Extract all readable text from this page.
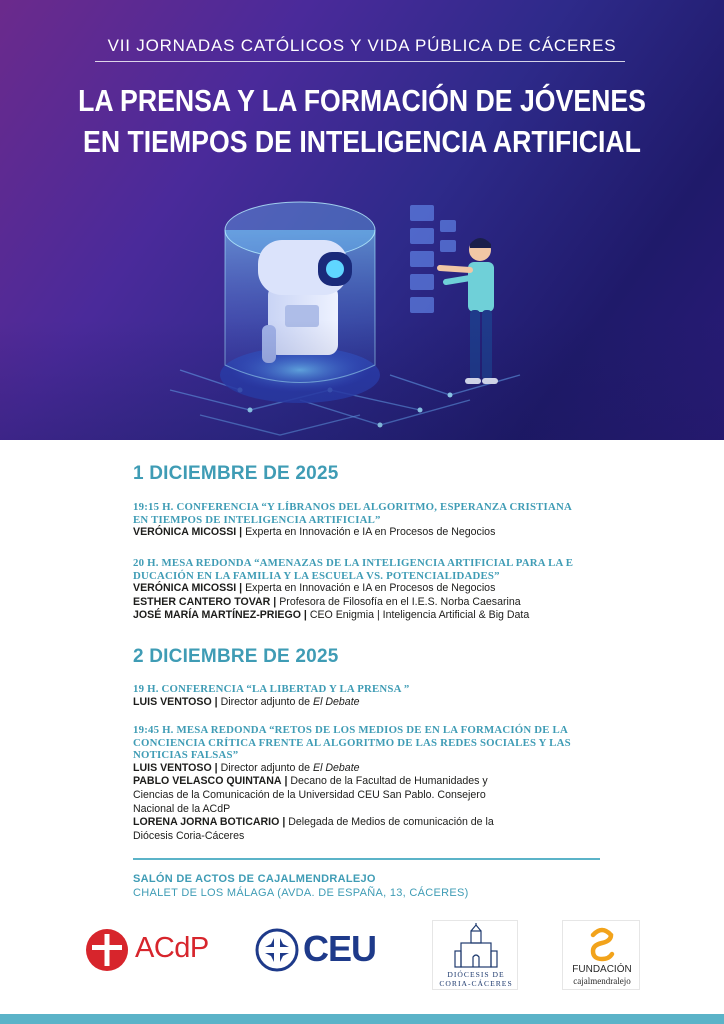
VII JORNADAS CATÓLICOS Y VIDA PÚBLICA DE CÁCERES
LA PRENSA Y LA FORMACIÓN DE JÓVENES
EN TIEMPOS DE INTELIGENCIA ARTIFICIAL
1 DICIEMBRE DE 2025
19:15 H. CONFERENCIA “Y LÍBRANOS DEL ALGORITMO, ESPERANZA CRISTIANA
EN TIEMPOS DE INTELIGENCIA ARTIFICIAL”
VERÓNICA MICOSSI | Experta en Innovación e IA en Procesos de Negocios
20 H. MESA REDONDA “AMENAZAS DE LA INTELIGENCIA ARTIFICIAL PARA LA E
DUCACIÓN EN LA FAMILIA Y LA ESCUELA VS. POTENCIALIDADES”
VERÓNICA MICOSSI | Experta en Innovación e IA en Procesos de Negocios
ESTHER CANTERO TOVAR | Profesora de Filosofía en el I.E.S. Norba Caesarina
JOSÉ MARÍA MARTÍNEZ-PRIEGO | CEO Enigmia | Inteligencia Artificial & Big Data
2 DICIEMBRE DE 2025
19 H. CONFERENCIA “LA LIBERTAD Y LA PRENSA ”
LUIS VENTOSO | Director adjunto de El Debate
19:45 H. MESA REDONDA “RETOS DE LOS MEDIOS DE EN LA FORMACIÓN DE LA
CONCIENCIA CRÍTICA FRENTE AL ALGORITMO DE LAS REDES SOCIALES Y LAS
NOTICIAS FALSAS”
LUIS VENTOSO | Director adjunto de El Debate
PABLO VELASCO QUINTANA | Decano de la Facultad de Humanidades y
Ciencias de la Comunicación de la Universidad CEU San Pablo. Consejero
Nacional de la ACdP
LORENA JORNA BOTICARIO | Delegada de Medios de comunicación de la
Diócesis Coria-Cáceres
SALÓN DE ACTOS DE CAJALMENDRALEJO
CHALET DE LOS MÁLAGA (AVDA. DE ESPAÑA, 13, CÁCERES)
ACdP	CEU
DIÓCESIS DE
CORIA-CÁCERES
FUNDACIÓN
cajalmendralejo
